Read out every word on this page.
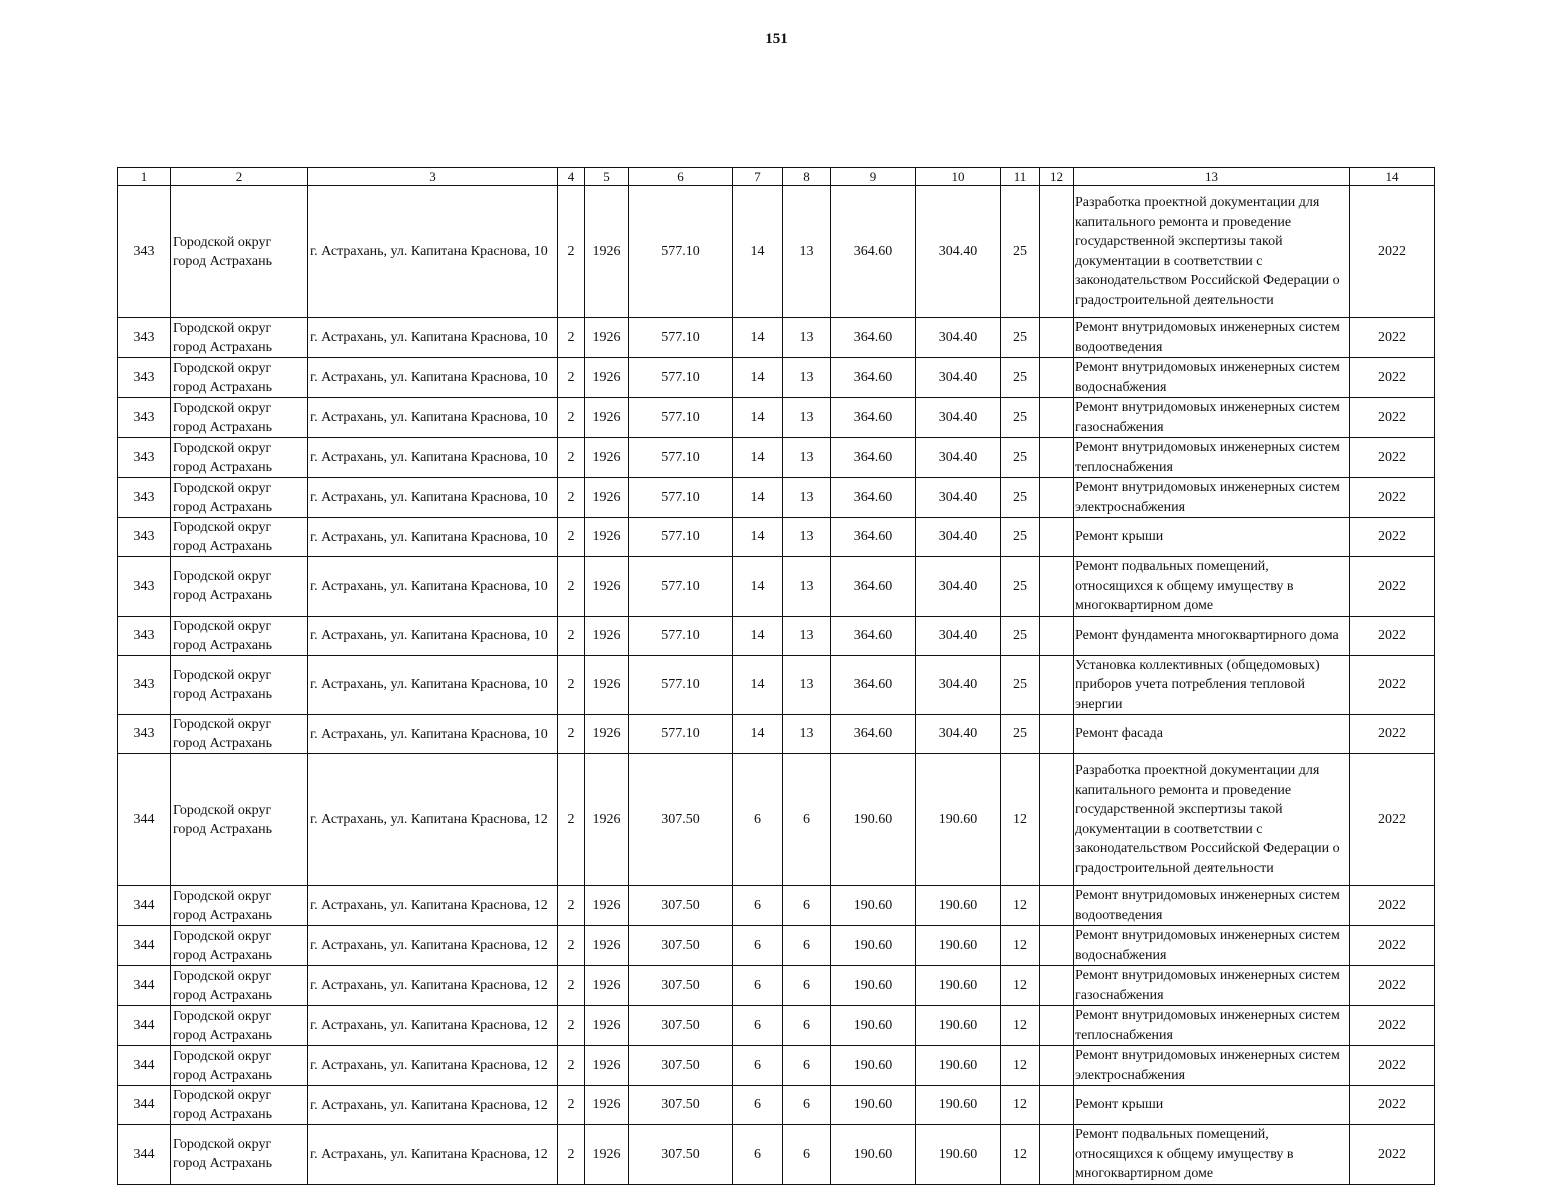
151
1	2	3	4	5	6	7	8	9	10	11	12	13	14
343	Городской округ город Астрахань	г. Астрахань, ул. Капитана Краснова, 10	2	1926	577.10	14	13	364.60	304.40	25		Разработка проектной документации для капитального ремонта и проведение государственной экспертизы такой документации в соответствии с законодательством Российской Федерации о градостроительной деятельности	2022
343	Городской округ город Астрахань	г. Астрахань, ул. Капитана Краснова, 10	2	1926	577.10	14	13	364.60	304.40	25		Ремонт внутридомовых инженерных систем водоотведения	2022
343	Городской округ город Астрахань	г. Астрахань, ул. Капитана Краснова, 10	2	1926	577.10	14	13	364.60	304.40	25		Ремонт внутридомовых инженерных систем водоснабжения	2022
343	Городской округ город Астрахань	г. Астрахань, ул. Капитана Краснова, 10	2	1926	577.10	14	13	364.60	304.40	25		Ремонт внутридомовых инженерных систем газоснабжения	2022
343	Городской округ город Астрахань	г. Астрахань, ул. Капитана Краснова, 10	2	1926	577.10	14	13	364.60	304.40	25		Ремонт внутридомовых инженерных систем теплоснабжения	2022
343	Городской округ город Астрахань	г. Астрахань, ул. Капитана Краснова, 10	2	1926	577.10	14	13	364.60	304.40	25		Ремонт внутридомовых инженерных систем электроснабжения	2022
343	Городской округ город Астрахань	г. Астрахань, ул. Капитана Краснова, 10	2	1926	577.10	14	13	364.60	304.40	25		Ремонт крыши	2022
343	Городской округ город Астрахань	г. Астрахань, ул. Капитана Краснова, 10	2	1926	577.10	14	13	364.60	304.40	25		Ремонт подвальных помещений, относящихся к общему имуществу в многоквартирном доме	2022
343	Городской округ город Астрахань	г. Астрахань, ул. Капитана Краснова, 10	2	1926	577.10	14	13	364.60	304.40	25		Ремонт фундамента многоквартирного дома	2022
343	Городской округ город Астрахань	г. Астрахань, ул. Капитана Краснова, 10	2	1926	577.10	14	13	364.60	304.40	25		Установка коллективных (общедомовых) приборов учета потребления тепловой энергии	2022
343	Городской округ город Астрахань	г. Астрахань, ул. Капитана Краснова, 10	2	1926	577.10	14	13	364.60	304.40	25		Ремонт фасада	2022
344	Городской округ город Астрахань	г. Астрахань, ул. Капитана Краснова, 12	2	1926	307.50	6	6	190.60	190.60	12		Разработка проектной документации для капитального ремонта и проведение государственной экспертизы такой документации в соответствии с законодательством Российской Федерации о градостроительной деятельности	2022
344	Городской округ город Астрахань	г. Астрахань, ул. Капитана Краснова, 12	2	1926	307.50	6	6	190.60	190.60	12		Ремонт внутридомовых инженерных систем водоотведения	2022
344	Городской округ город Астрахань	г. Астрахань, ул. Капитана Краснова, 12	2	1926	307.50	6	6	190.60	190.60	12		Ремонт внутридомовых инженерных систем водоснабжения	2022
344	Городской округ город Астрахань	г. Астрахань, ул. Капитана Краснова, 12	2	1926	307.50	6	6	190.60	190.60	12		Ремонт внутридомовых инженерных систем газоснабжения	2022
344	Городской округ город Астрахань	г. Астрахань, ул. Капитана Краснова, 12	2	1926	307.50	6	6	190.60	190.60	12		Ремонт внутридомовых инженерных систем теплоснабжения	2022
344	Городской округ город Астрахань	г. Астрахань, ул. Капитана Краснова, 12	2	1926	307.50	6	6	190.60	190.60	12		Ремонт внутридомовых инженерных систем электроснабжения	2022
344	Городской округ город Астрахань	г. Астрахань, ул. Капитана Краснова, 12	2	1926	307.50	6	6	190.60	190.60	12		Ремонт крыши	2022
344	Городской округ город Астрахань	г. Астрахань, ул. Капитана Краснова, 12	2	1926	307.50	6	6	190.60	190.60	12		Ремонт подвальных помещений, относящихся к общему имуществу в многоквартирном доме	2022
